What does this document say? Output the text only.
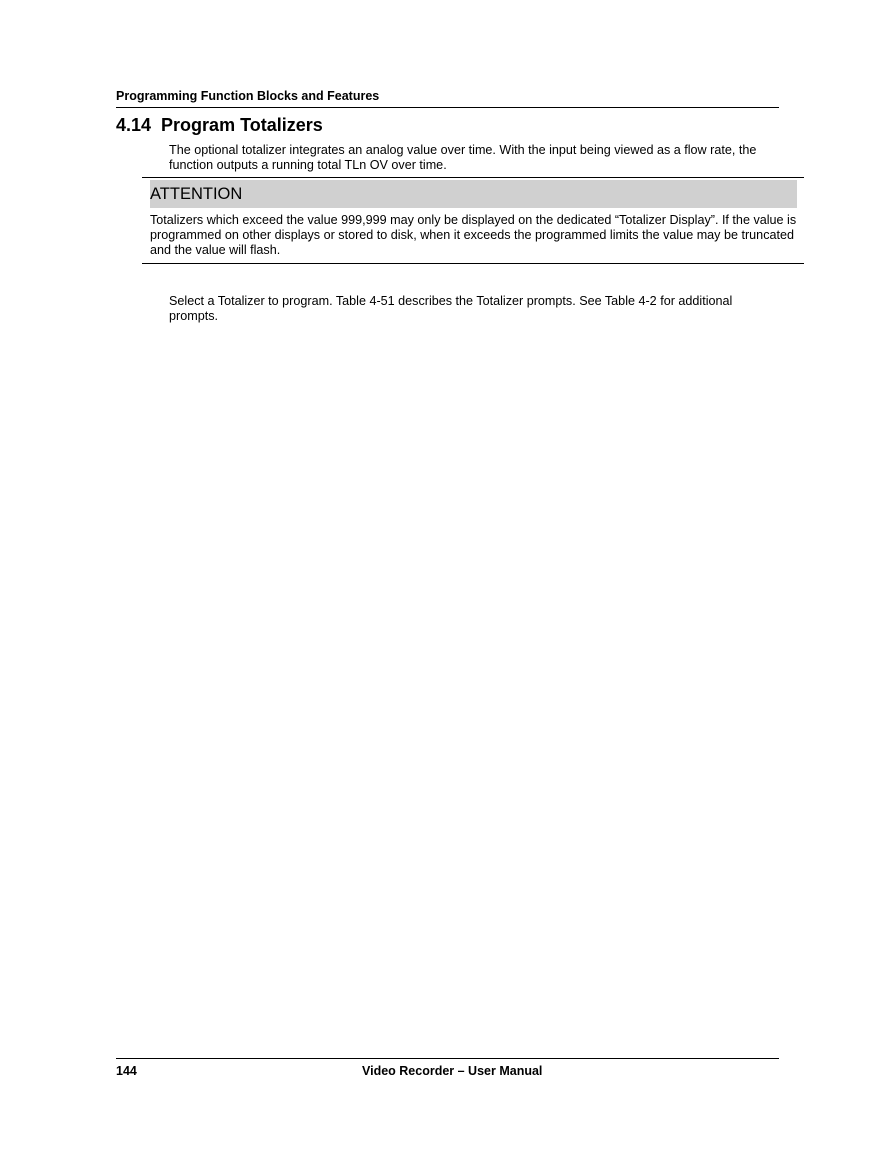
Programming Function Blocks and Features
4.14 Program Totalizers
The optional totalizer integrates an analog value over time. With the input being viewed as a flow rate, the function outputs a running total TLn OV over time.
ATTENTION
Totalizers which exceed the value 999,999 may only be displayed on the dedicated “Totalizer Display”. If the value is programmed on other displays or stored to disk, when it exceeds the programmed limits the value may be truncated and the value will flash.
Select a Totalizer to program. Table 4-51 describes the Totalizer prompts. See Table 4-2 for additional prompts.
144	Video Recorder – User Manual
